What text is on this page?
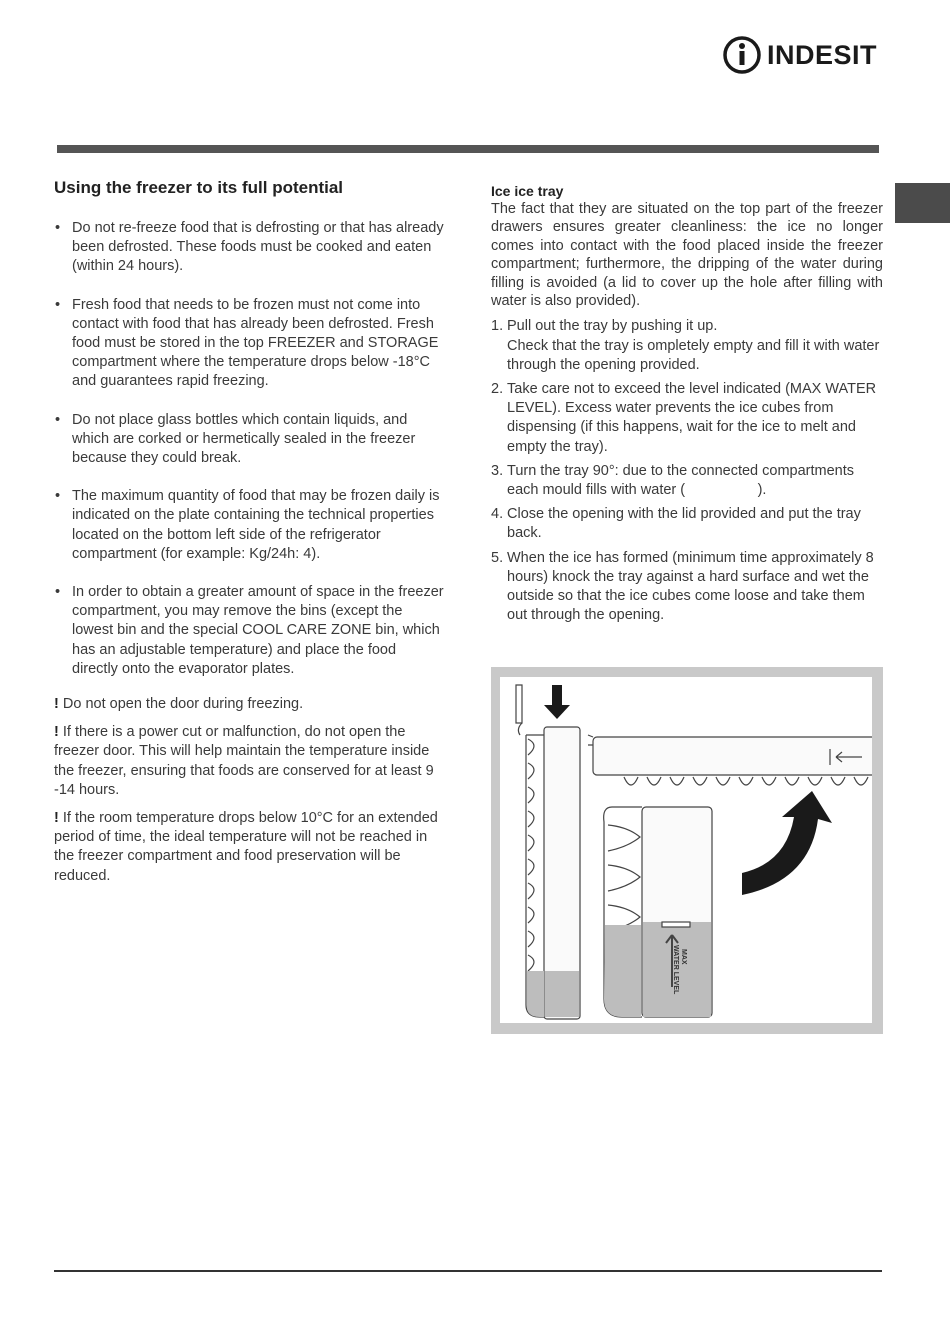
INDESIT
Using the freezer to its full potential
• Do not re-freeze food that is defrosting or that has already been defrosted. These foods must be cooked and eaten (within 24 hours).
• Fresh food that needs to be frozen must not come into contact with food that has already been defrosted. Fresh food must be stored in the top FREEZER and STORAGE compartment where the temperature drops below -18°C and guarantees rapid freezing.
• Do not place glass bottles which contain liquids, and which are corked or hermetically sealed in the freezer because they could break.
• The maximum quantity of food that may be frozen daily is indicated on the plate containing the technical properties located on the bottom left side of the refrigerator compartment (for example: Kg/24h: 4).
• In order to obtain a greater amount of space in the freezer compartment, you may remove the bins (except the lowest bin and the special COOL CARE ZONE bin, which has an adjustable temperature) and place the food directly onto the evaporator plates.

! Do not open the door during freezing.

! If there is a power cut or malfunction, do not open the freezer door. This will help maintain the temperature inside the freezer, ensuring that foods are conserved for at least 9 -14 hours.

! If the room temperature drops below 10°C for an extended period of time, the ideal temperature will not be reached in the freezer compartment and food preservation will be reduced.

Ice ice tray

The fact that they are situated on the top part of the freezer drawers ensures greater cleanliness: the ice no longer comes into contact with the food placed inside the freezer compartment; furthermore, the dripping of the water during filling is avoided (a lid to cover up the hole after filling with water is also provided).

1. Pull out the tray by pushing it up.
Check that the tray is ompletely empty and fill it with water through the opening provided.
2. Take care not to exceed the level indicated (MAX WATER LEVEL). Excess water prevents the ice cubes from dispensing (if this happens, wait for the ice to melt and empty the tray).
3. Turn the tray 90°: due to the connected compartments each mould fills with water (                  ).
4. Close the opening with the lid provided and put the tray back.
5. When the ice has formed (minimum time approximately 8 hours) knock the tray against a hard surface and wet the outside so that the ice cubes come loose and take them out through the opening.
MAX
WATER LEVEL
